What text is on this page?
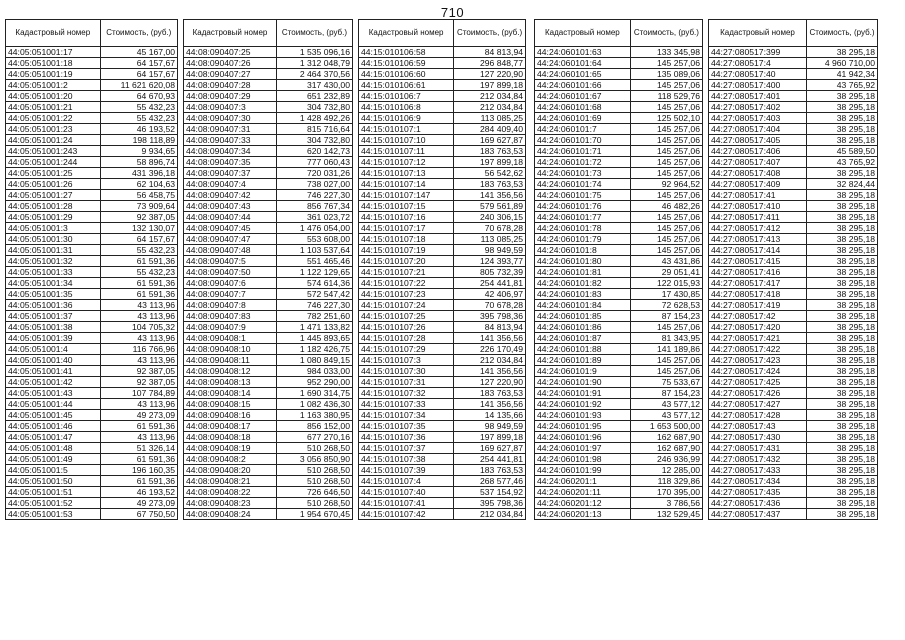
710
Кадастровый номер	Стоимость, (руб.)
44:05:051001:17	45 167,00
44:05:051001:18	64 157,67
44:05:051001:19	64 157,67
44:05:051001:2	11 621 620,08
44:05:051001:20	64 670,93
44:05:051001:21	55 432,23
44:05:051001:22	55 432,23
44:05:051001:23	46 193,52
44:05:051001:24	198 118,89
44:05:051001:243	9 934,65
44:05:051001:244	58 896,74
44:05:051001:25	431 396,18
44:05:051001:26	62 104,63
44:05:051001:27	56 458,75
44:05:051001:28	73 909,64
44:05:051001:29	92 387,05
44:05:051001:3	132 130,07
44:05:051001:30	64 157,67
44:05:051001:31	55 432,23
44:05:051001:32	61 591,36
44:05:051001:33	55 432,23
44:05:051001:34	61 591,36
44:05:051001:35	61 591,36
44:05:051001:36	43 113,96
44:05:051001:37	43 113,96
44:05:051001:38	104 705,32
44:05:051001:39	43 113,96
44:05:051001:4	116 766,96
44:05:051001:40	43 113,96
44:05:051001:41	92 387,05
44:05:051001:42	92 387,05
44:05:051001:43	107 784,89
44:05:051001:44	43 113,96
44:05:051001:45	49 273,09
44:05:051001:46	61 591,36
44:05:051001:47	43 113,96
44:05:051001:48	51 326,14
44:05:051001:49	61 591,36
44:05:051001:5	196 160,35
44:05:051001:50	61 591,36
44:05:051001:51	46 193,52
44:05:051001:52	49 273,09
44:05:051001:53	67 750,50
Кадастровый номер	Стоимость, (руб.)
44:08:090407:25	1 535 096,16
44:08:090407:26	1 312 048,79
44:08:090407:27	2 464 370,56
44:08:090407:28	317 430,00
44:08:090407:29	651 232,89
44:08:090407:3	304 732,80
44:08:090407:30	1 428 492,26
44:08:090407:31	815 716,64
44:08:090407:33	304 732,80
44:08:090407:34	620 142,73
44:08:090407:35	777 060,43
44:08:090407:37	720 031,26
44:08:090407:4	738 027,00
44:08:090407:42	746 227,30
44:08:090407:43	856 767,34
44:08:090407:44	361 023,72
44:08:090407:45	1 476 054,00
44:08:090407:47	553 608,00
44:08:090407:48	1 103 537,64
44:08:090407:5	551 465,46
44:08:090407:50	1 122 129,65
44:08:090407:6	574 614,36
44:08:090407:7	572 547,42
44:08:090407:8	746 227,30
44:08:090407:83	782 251,60
44:08:090407:9	1 471 133,82
44:08:090408:1	1 445 893,65
44:08:090408:10	1 182 426,75
44:08:090408:11	1 080 849,15
44:08:090408:12	984 033,00
44:08:090408:13	952 290,00
44:08:090408:14	1 690 314,75
44:08:090408:15	1 082 436,30
44:08:090408:16	1 163 380,95
44:08:090408:17	856 152,00
44:08:090408:18	677 270,16
44:08:090408:19	510 268,50
44:08:090408:2	3 056 850,90
44:08:090408:20	510 268,50
44:08:090408:21	510 268,50
44:08:090408:22	726 646,50
44:08:090408:23	510 268,50
44:08:090408:24	1 954 670,45
Кадастровый номер	Стоимость, (руб.)
44:15:010106:58	84 813,94
44:15:010106:59	296 848,77
44:15:010106:60	127 220,90
44:15:010106:61	197 899,18
44:15:010106:7	212 034,84
44:15:010106:8	212 034,84
44:15:010106:9	113 085,25
44:15:010107:1	284 409,40
44:15:010107:10	169 627,87
44:15:010107:11	183 763,53
44:15:010107:12	197 899,18
44:15:010107:13	56 542,62
44:15:010107:14	183 763,53
44:15:010107:147	141 356,56
44:15:010107:15	579 561,89
44:15:010107:16	240 306,15
44:15:010107:17	70 678,28
44:15:010107:18	113 085,25
44:15:010107:19	98 949,59
44:15:010107:20	124 393,77
44:15:010107:21	805 732,39
44:15:010107:22	254 441,81
44:15:010107:23	42 406,97
44:15:010107:24	70 678,28
44:15:010107:25	395 798,36
44:15:010107:26	84 813,94
44:15:010107:28	141 356,56
44:15:010107:29	226 170,49
44:15:010107:3	212 034,84
44:15:010107:30	141 356,56
44:15:010107:31	127 220,90
44:15:010107:32	183 763,53
44:15:010107:33	141 356,56
44:15:010107:34	14 135,66
44:15:010107:35	98 949,59
44:15:010107:36	197 899,18
44:15:010107:37	169 627,87
44:15:010107:38	254 441,81
44:15:010107:39	183 763,53
44:15:010107:4	268 577,46
44:15:010107:40	537 154,92
44:15:010107:41	395 798,36
44:15:010107:42	212 034,84
Кадастровый номер	Стоимость, (руб.)
44:24:060101:63	133 345,98
44:24:060101:64	145 257,06
44:24:060101:65	135 089,06
44:24:060101:66	145 257,06
44:24:060101:67	118 529,76
44:24:060101:68	145 257,06
44:24:060101:69	125 502,10
44:24:060101:7	145 257,06
44:24:060101:70	145 257,06
44:24:060101:71	145 257,06
44:24:060101:72	145 257,06
44:24:060101:73	145 257,06
44:24:060101:74	92 964,52
44:24:060101:75	145 257,06
44:24:060101:76	46 482,26
44:24:060101:77	145 257,06
44:24:060101:78	145 257,06
44:24:060101:79	145 257,06
44:24:060101:8	145 257,06
44:24:060101:80	43 431,86
44:24:060101:81	29 051,41
44:24:060101:82	122 015,93
44:24:060101:83	17 430,85
44:24:060101:84	72 628,53
44:24:060101:85	87 154,23
44:24:060101:86	145 257,06
44:24:060101:87	81 343,95
44:24:060101:88	141 189,86
44:24:060101:89	145 257,06
44:24:060101:9	145 257,06
44:24:060101:90	75 533,67
44:24:060101:91	87 154,23
44:24:060101:92	43 577,12
44:24:060101:93	43 577,12
44:24:060101:95	1 653 500,00
44:24:060101:96	162 687,90
44:24:060101:97	162 687,90
44:24:060101:98	246 936,99
44:24:060101:99	12 285,00
44:24:060201:1	118 329,86
44:24:060201:11	170 395,00
44:24:060201:12	3 786,56
44:24:060201:13	132 529,45
Кадастровый номер	Стоимость, (руб.)
44:27:080517:399	38 295,18
44:27:080517:4	4 960 710,00
44:27:080517:40	41 942,34
44:27:080517:400	43 765,92
44:27:080517:401	38 295,18
44:27:080517:402	38 295,18
44:27:080517:403	38 295,18
44:27:080517:404	38 295,18
44:27:080517:405	38 295,18
44:27:080517:406	45 589,50
44:27:080517:407	43 765,92
44:27:080517:408	38 295,18
44:27:080517:409	32 824,44
44:27:080517:41	38 295,18
44:27:080517:410	38 295,18
44:27:080517:411	38 295,18
44:27:080517:412	38 295,18
44:27:080517:413	38 295,18
44:27:080517:414	38 295,18
44:27:080517:415	38 295,18
44:27:080517:416	38 295,18
44:27:080517:417	38 295,18
44:27:080517:418	38 295,18
44:27:080517:419	38 295,18
44:27:080517:42	38 295,18
44:27:080517:420	38 295,18
44:27:080517:421	38 295,18
44:27:080517:422	38 295,18
44:27:080517:423	38 295,18
44:27:080517:424	38 295,18
44:27:080517:425	38 295,18
44:27:080517:426	38 295,18
44:27:080517:427	38 295,18
44:27:080517:428	38 295,18
44:27:080517:43	38 295,18
44:27:080517:430	38 295,18
44:27:080517:431	38 295,18
44:27:080517:432	38 295,18
44:27:080517:433	38 295,18
44:27:080517:434	38 295,18
44:27:080517:435	38 295,18
44:27:080517:436	38 295,18
44:27:080517:437	38 295,18
